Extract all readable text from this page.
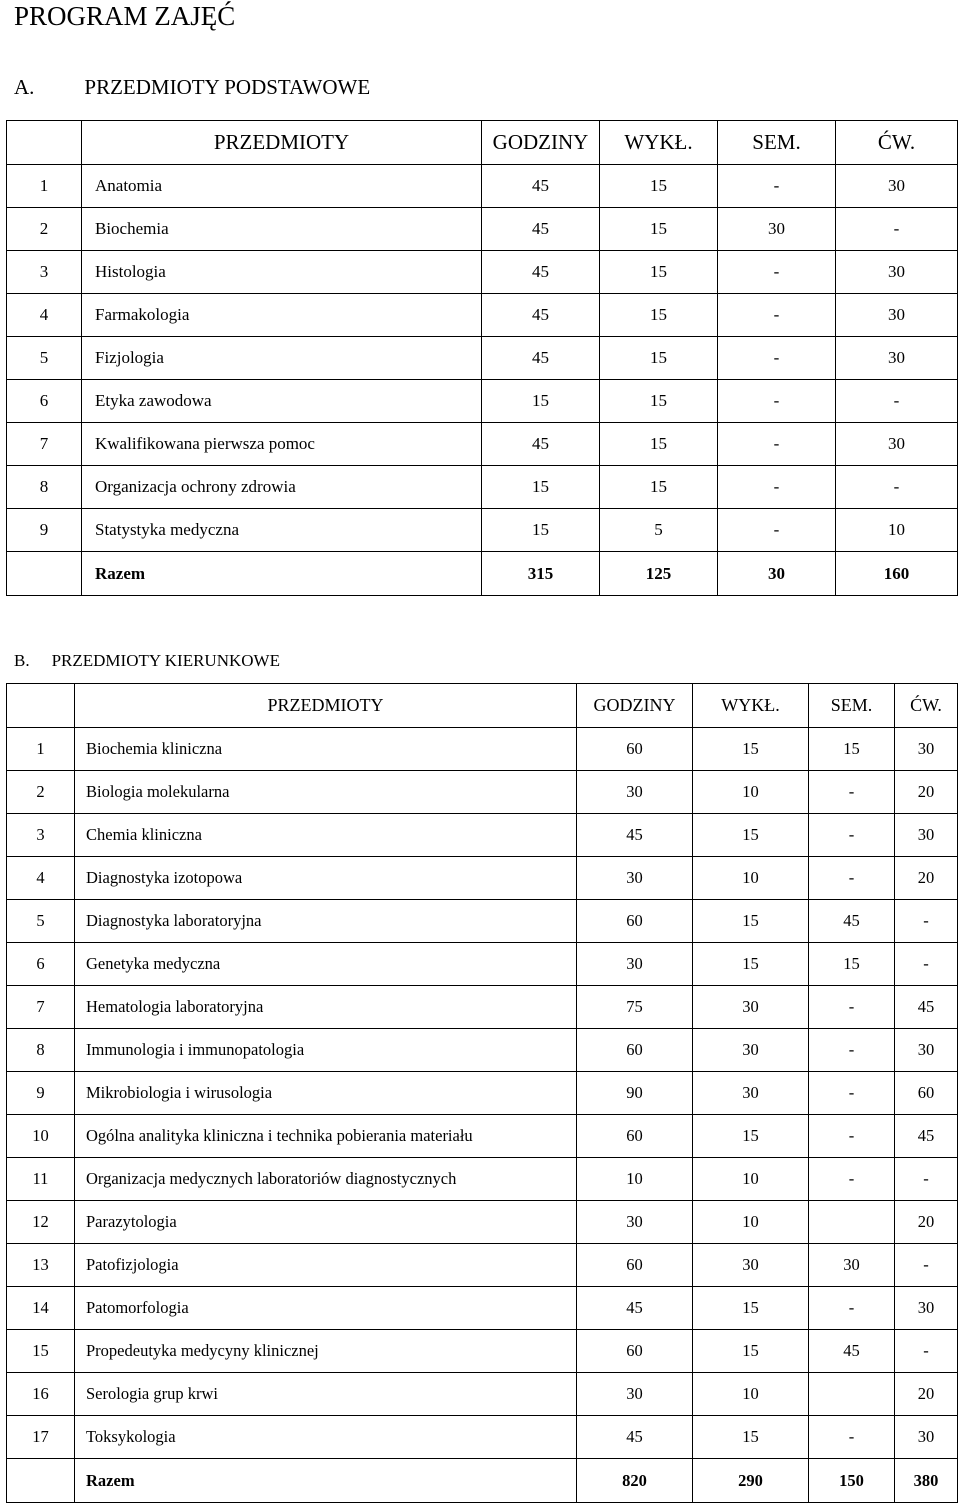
PROGRAM ZAJĘĆ
A. PRZEDMIOTY PODSTAWOWE
	PRZEDMIOTY	GODZINY	WYKŁ.	SEM.	ĆW.
1	Anatomia	45	15	-	30
2	Biochemia	45	15	30	-
3	Histologia	45	15	-	30
4	Farmakologia	45	15	-	30
5	Fizjologia	45	15	-	30
6	Etyka zawodowa	15	15	-	-
7	Kwalifikowana pierwsza pomoc	45	15	-	30
8	Organizacja ochrony zdrowia	15	15	-	-
9	Statystyka medyczna	15	5	-	10
	Razem	315	125	30	160
B. PRZEDMIOTY KIERUNKOWE
	PRZEDMIOTY	GODZINY	WYKŁ.	SEM.	ĆW.
1	Biochemia kliniczna	60	15	15	30
2	Biologia molekularna	30	10	-	20
3	Chemia kliniczna	45	15	-	30
4	Diagnostyka izotopowa	30	10	-	20
5	Diagnostyka laboratoryjna	60	15	45	-
6	Genetyka medyczna	30	15	15	-
7	Hematologia laboratoryjna	75	30	-	45
8	Immunologia i immunopatologia	60	30	-	30
9	Mikrobiologia i wirusologia	90	30	-	60
10	Ogólna analityka kliniczna i technika pobierania materiału	60	15	-	45
11	Organizacja medycznych laboratoriów diagnostycznych	10	10	-	-
12	Parazytologia	30	10		20
13	Patofizjologia	60	30	30	-
14	Patomorfologia	45	15	-	30
15	Propedeutyka medycyny klinicznej	60	15	45	-
16	Serologia grup krwi	30	10		20
17	Toksykologia	45	15	-	30
	Razem	820	290	150	380
